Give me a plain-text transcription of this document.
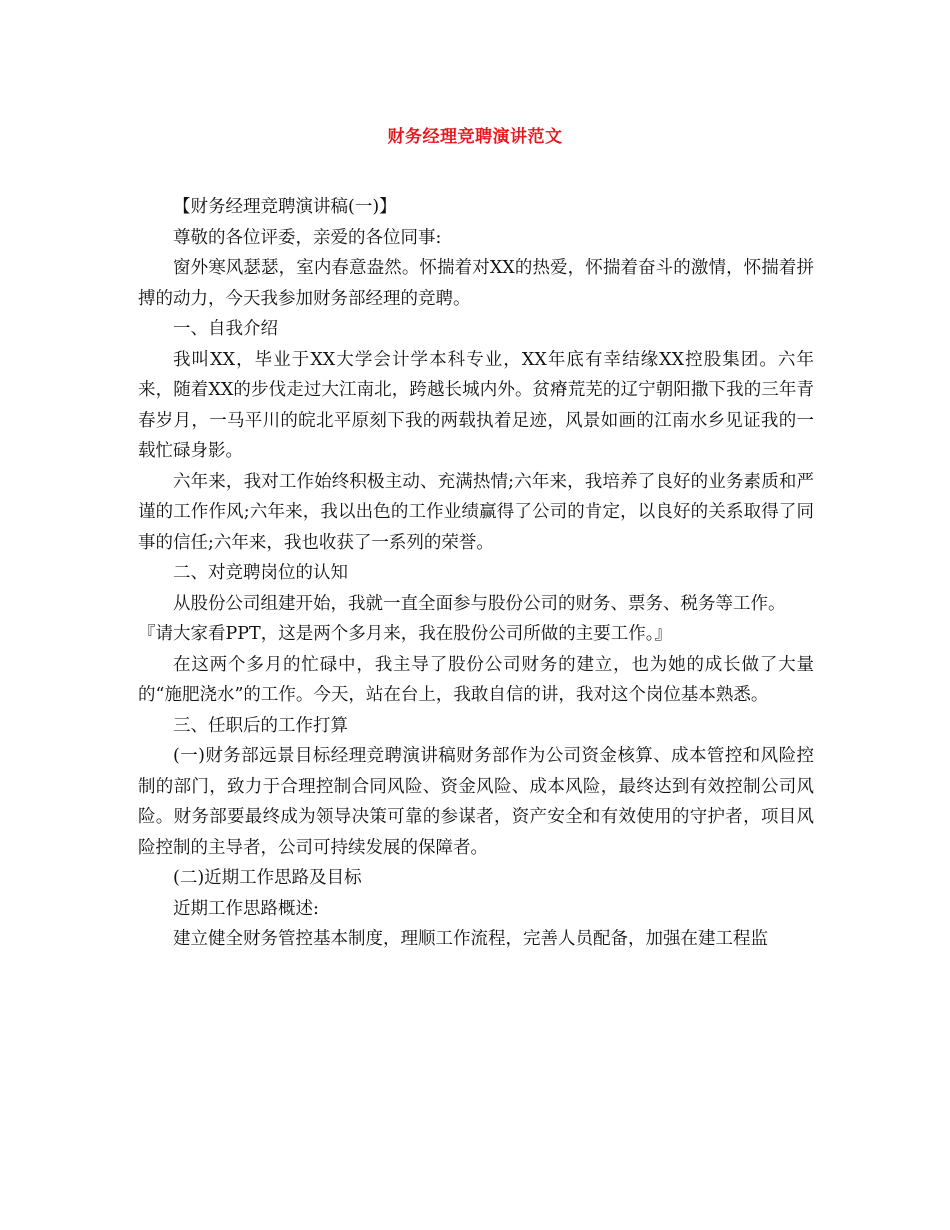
财务经理竞聘演讲范文

【财务经理竞聘演讲稿(一)】

尊敬的各位评委，亲爱的各位同事:

窗外寒风瑟瑟，室内春意盎然。怀揣着对XX的热爱，怀揣着奋斗的激情，怀揣着拼搏的动力，今天我参加财务部经理的竞聘。

一、自我介绍

我叫XX，毕业于XX大学会计学本科专业，XX年底有幸结缘XX控股集团。六年来，随着XX的步伐走过大江南北，跨越长城内外。贫瘠荒芜的辽宁朝阳撒下我的三年青春岁月，一马平川的皖北平原刻下我的两载执着足迹，风景如画的江南水乡见证我的一载忙碌身影。

六年来，我对工作始终积极主动、充满热情;六年来，我培养了良好的业务素质和严谨的工作作风;六年来，我以出色的工作业绩赢得了公司的肯定，以良好的关系取得了同事的信任;六年来，我也收获了一系列的荣誉。

二、对竞聘岗位的认知

从股份公司组建开始，我就一直全面参与股份公司的财务、票务、税务等工作。

『请大家看PPT，这是两个多月来，我在股份公司所做的主要工作。』

在这两个多月的忙碌中，我主导了股份公司财务的建立，也为她的成长做了大量的“施肥浇水”的工作。今天，站在台上，我敢自信的讲，我对这个岗位基本熟悉。

三、任职后的工作打算

(一)财务部远景目标经理竞聘演讲稿财务部作为公司资金核算、成本管控和风险控制的部门，致力于合理控制合同风险、资金风险、成本风险，最终达到有效控制公司风险。财务部要最终成为领导决策可靠的参谋者，资产安全和有效使用的守护者，项目风险控制的主导者，公司可持续发展的保障者。

(二)近期工作思路及目标

近期工作思路概述:

建立健全财务管控基本制度，理顺工作流程，完善人员配备，加强在建工程监
